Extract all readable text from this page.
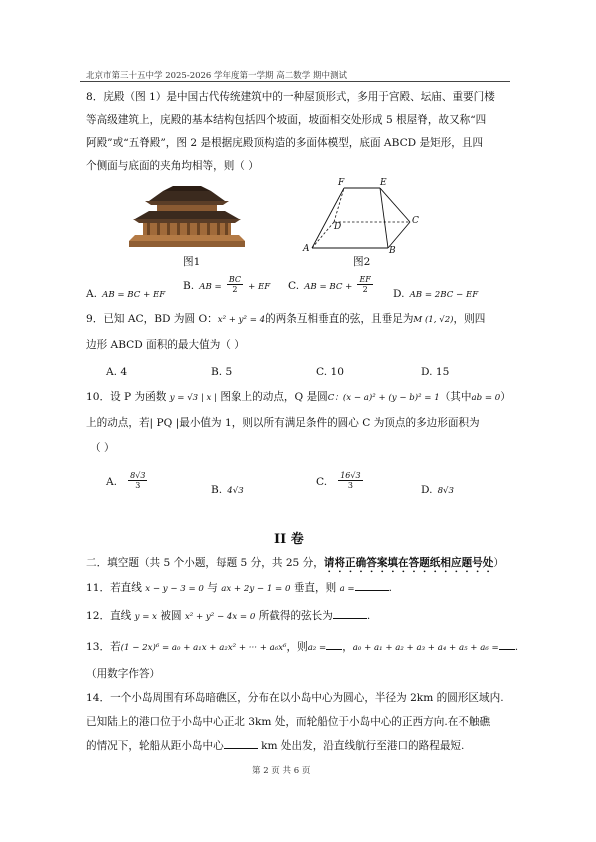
北京市第三十五中学 2025-2026 学年度第一学期 高二数学 期中测试
8．庑殿（图 1）是中国古代传统建筑中的一种屋顶形式，多用于宫殿、坛庙、重要门楼
等高级建筑上，庑殿的基本结构包括四个坡面，坡面相交处形成 5 根屋脊，故又称“四
阿殿”或“五脊殿”，图 2 是根据庑殿顶构造的多面体模型，底面 ABCD 是矩形，且四
个侧面与底面的夹角均相等，则（ ）
图1
F	E
D
C
A	B
图2
A. AB = BC + EF
B. AB = $\frac{BC}{2}$ + EF C. AB = BC + $\frac{EF}{2} D$. AB = 2BC − EF
9．已知 AC，BD 为圆 O：x² + y² = 4的两条互相垂直的弦，且垂足为M (1, √2)，则四
边形 ABCD 面积的最大值为（ ）
A. 4	B. 5	C. 10	D. 15
10．设 P 为函数 y = √3 | x | 图象上的动点，Q 是圆C：(x − a)² + (y − b)² = 1（其中ab = 0）
上的动点，若| PQ |最小值为 1，则以所有满足条件的圆心 C 为顶点的多边形面积为
（ ）
A. $\frac{8√3}{3}$	B. 4√3
C. $\frac{16√3}{3}$	D. 8√3
II 卷
二．填空题（共 5 个小题，每题 5 分，共 25 分，请将正确答案填在答题纸相应题号处）
11．若直线 x − y − 3 = 0 与 ax + 2y − 1 = 0 垂直，则 a =	.
12．直线 y = x 被圆 x² + y² − 4x = 0 所截得的弦长为	.
13．若(1 − 2x)⁶ = a₀ + a₁x + a₂x² + ··· + a₆x⁶，则a₂ = ，a₀ + a₁ + a₂ + a₃ + a₄ + a₅ + a₆ = .
（用数字作答）
14．一个小岛周围有环岛暗礁区，分布在以小岛中心为圆心，半径为 2km 的圆形区域内.
已知陆上的港口位于小岛中心正北 3km 处，而轮船位于小岛中心的正西方向.在不触礁
的情况下，轮船从距小岛中心	km 处出发，沿直线航行至港口的路程最短.
第 2 页 共 6 页
